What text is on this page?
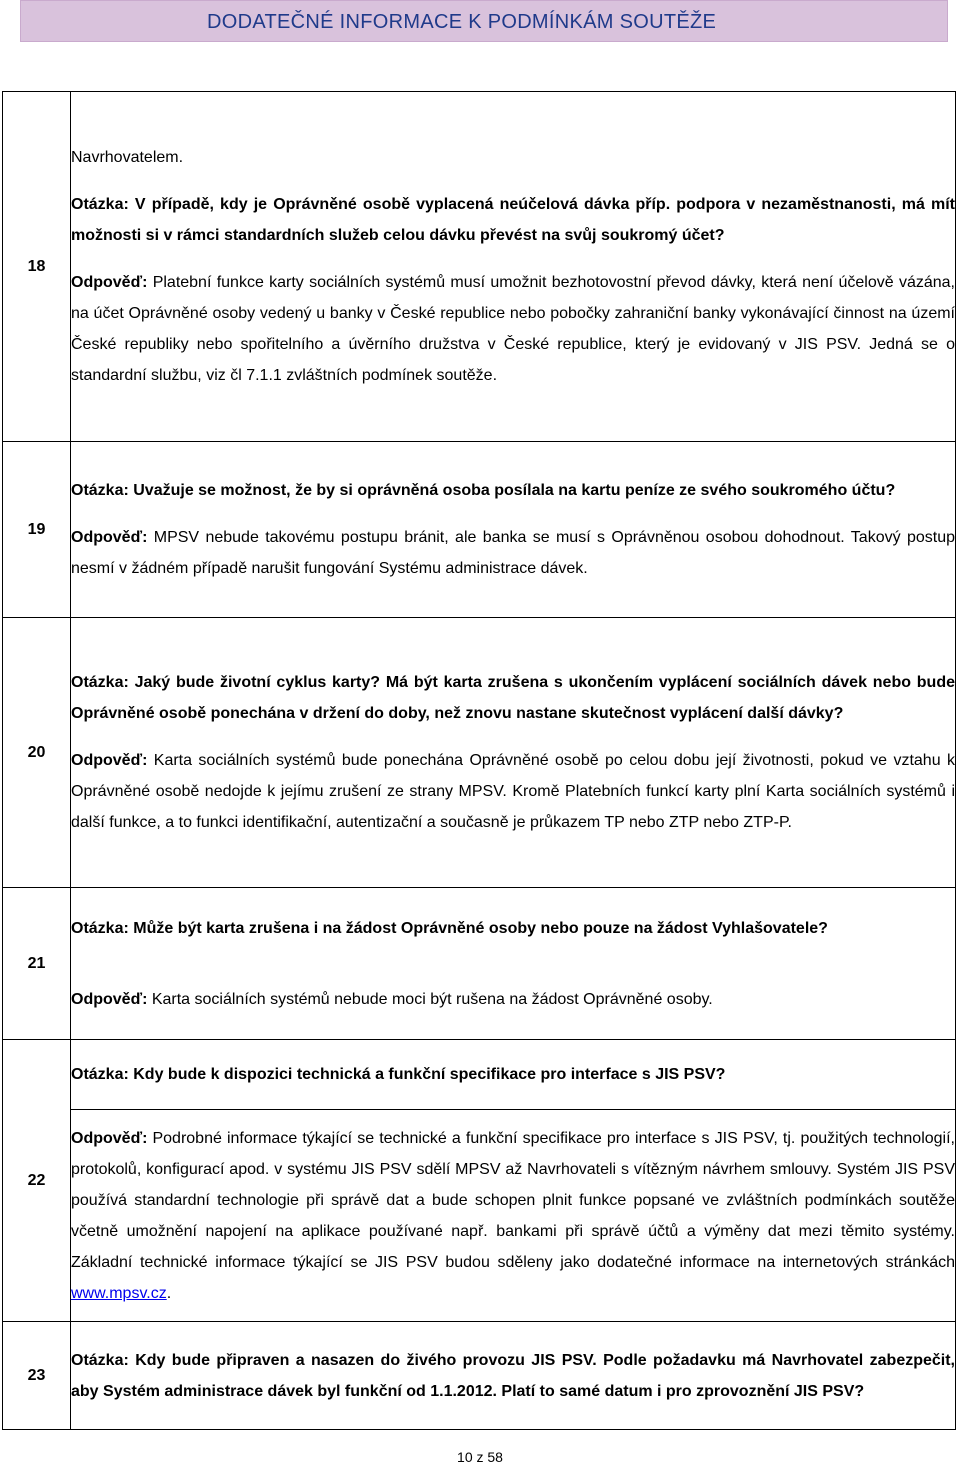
DODATEČNÉ INFORMACE K PODMÍNKÁM SOUTĚŽE
18	Navrhovatelem.

Otázka: V případě, kdy je Oprávněné osobě vyplacená neúčelová dávka příp. podpora v nezaměstnanosti, má mít možnosti si v rámci standardních služeb celou dávku převést na svůj soukromý účet?

Odpověď: Platební funkce karty sociálních systémů musí umožnit bezhotovostní převod dávky, která není účelově vázána, na účet Oprávněné osoby vedený u banky v České republice nebo pobočky zahraniční banky vykonávající činnost na území České republiky nebo spořitelního a úvěrního družstva v České republice, který je evidovaný v JIS PSV. Jedná se o standardní službu, viz čl 7.1.1 zvláštních podmínek soutěže.

19	Otázka: Uvažuje se možnost, že by si oprávněná osoba posílala na kartu peníze ze svého soukromého účtu?

Odpověď: MPSV nebude takovému postupu bránit, ale banka se musí s Oprávněnou osobou dohodnout. Takový postup nesmí v žádném případě narušit fungování Systému administrace dávek.

20	Otázka: Jaký bude životní cyklus karty? Má být karta zrušena s ukončením vyplácení sociálních dávek nebo bude Oprávněné osobě ponechána v držení do doby, než znovu nastane skutečnost vyplácení další dávky?

Odpověď: Karta sociálních systémů bude ponechána Oprávněné osobě po celou dobu její životnosti, pokud ve vztahu k Oprávněné osobě nedojde k jejímu zrušení ze strany MPSV. Kromě Platebních funkcí karty plní Karta sociálních systémů i další funkce, a to funkci identifikační, autentizační a současně je průkazem TP nebo ZTP nebo ZTP-P.

21	Otázka: Může být karta zrušena i na žádost Oprávněné osoby nebo pouze na žádost Vyhlašovatele?

Odpověď: Karta sociálních systémů nebude moci být rušena na žádost Oprávněné osoby.

22	Otázka: Kdy bude k dispozici technická a funkční specifikace pro interface s JIS PSV?

	Odpověď: Podrobné informace týkající se technické a funkční specifikace pro interface s JIS PSV, tj. použitých technologií, protokolů, konfigurací apod. v systému JIS PSV sdělí MPSV až Navrhovateli s vítězným návrhem smlouvy. Systém JIS PSV používá standardní technologie při správě dat a bude schopen plnit funkce popsané ve zvláštních podmínkách soutěže včetně umožnění napojení na aplikace používané např. bankami při správě účtů a výměny dat mezi těmito systémy. Základní technické informace týkající se JIS PSV budou sděleny jako dodatečné informace na internetových stránkách www.mpsv.cz.

23	Otázka: Kdy bude připraven a nasazen do živého provozu JIS PSV. Podle požadavku má Navrhovatel zabezpečit, aby Systém administrace dávek byl funkční od 1.1.2012. Platí to samé datum i pro zprovoznění JIS PSV?

10 z 58
